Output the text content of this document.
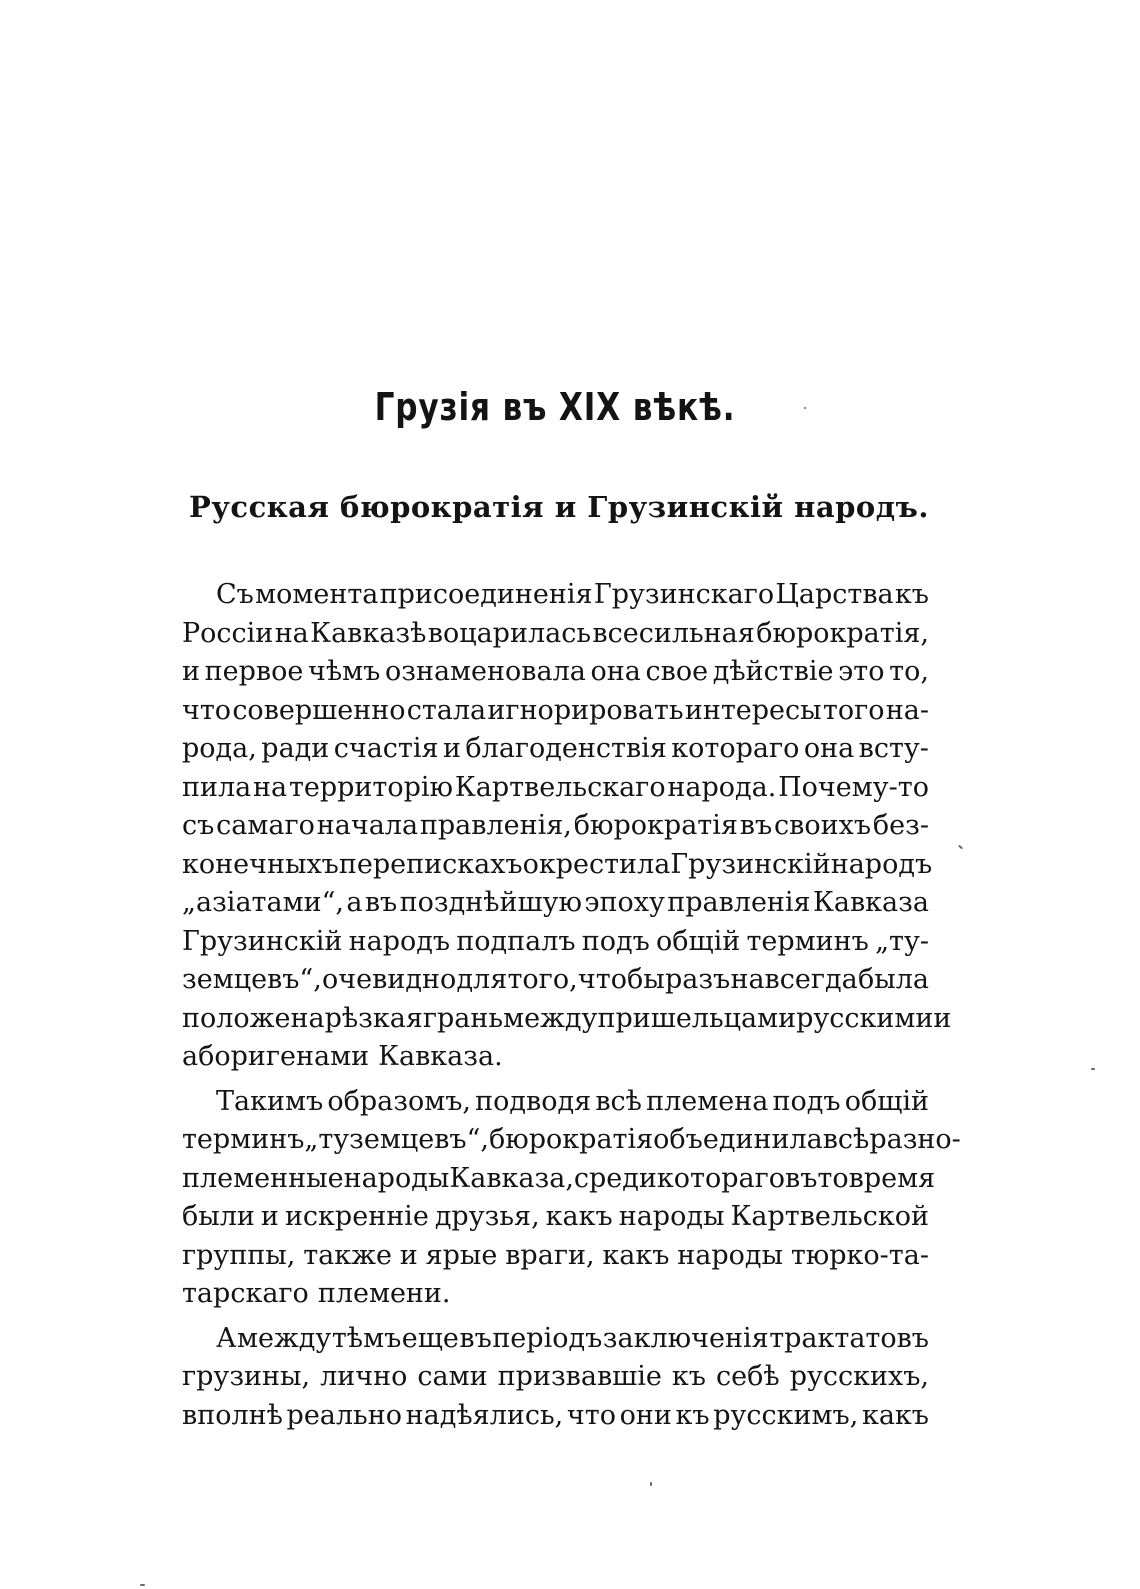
Грузія въ XIX вѣкѣ.
Русская бюрократія и Грузинскій народъ.
Съ момента присоединенія Грузинскаго Царства къ
Россіи на Кавказѣ воцарилась всесильная бюрократія,
и первое чѣмъ ознаменовала она свое дѣйствіе это то,
что совершенно стала игнорировать интересы того на-
рода, ради счастія и благоденствія котораго она всту-
пила на территорію Картвельскаго народа. Почему-то
съ самаго начала правленія, бюрократія въ своихъ без-
конечныхъ перепискахъ окрестила Грузинскій народъ
„азіатами“, а въ позднѣйшую эпоху правленія Кавказа
Грузинскій народъ подпалъ подъ общій терминъ „ту-
земцевъ“, очевидно для того, чтобы разъ навсегда была
положена рѣзкая грань между пришельцами русскими и
аборигенами Кавказа.
Такимъ образомъ, подводя всѣ племена подъ общій
терминъ „туземцевъ“, бюрократія объединила всѣ разно-
племенные народы Кавказа, среди котораго въ то время
были и искренніе друзья, какъ народы Картвельской
группы, также и ярые враги, какъ народы тюрко-та-
тарскаго племени.
А между тѣмъ еще въ періодъ заключенія трактатовъ
грузины, лично сами призвавшіе къ себѣ русскихъ,
вполнѣ реально надѣялись, что они къ русскимъ, какъ
